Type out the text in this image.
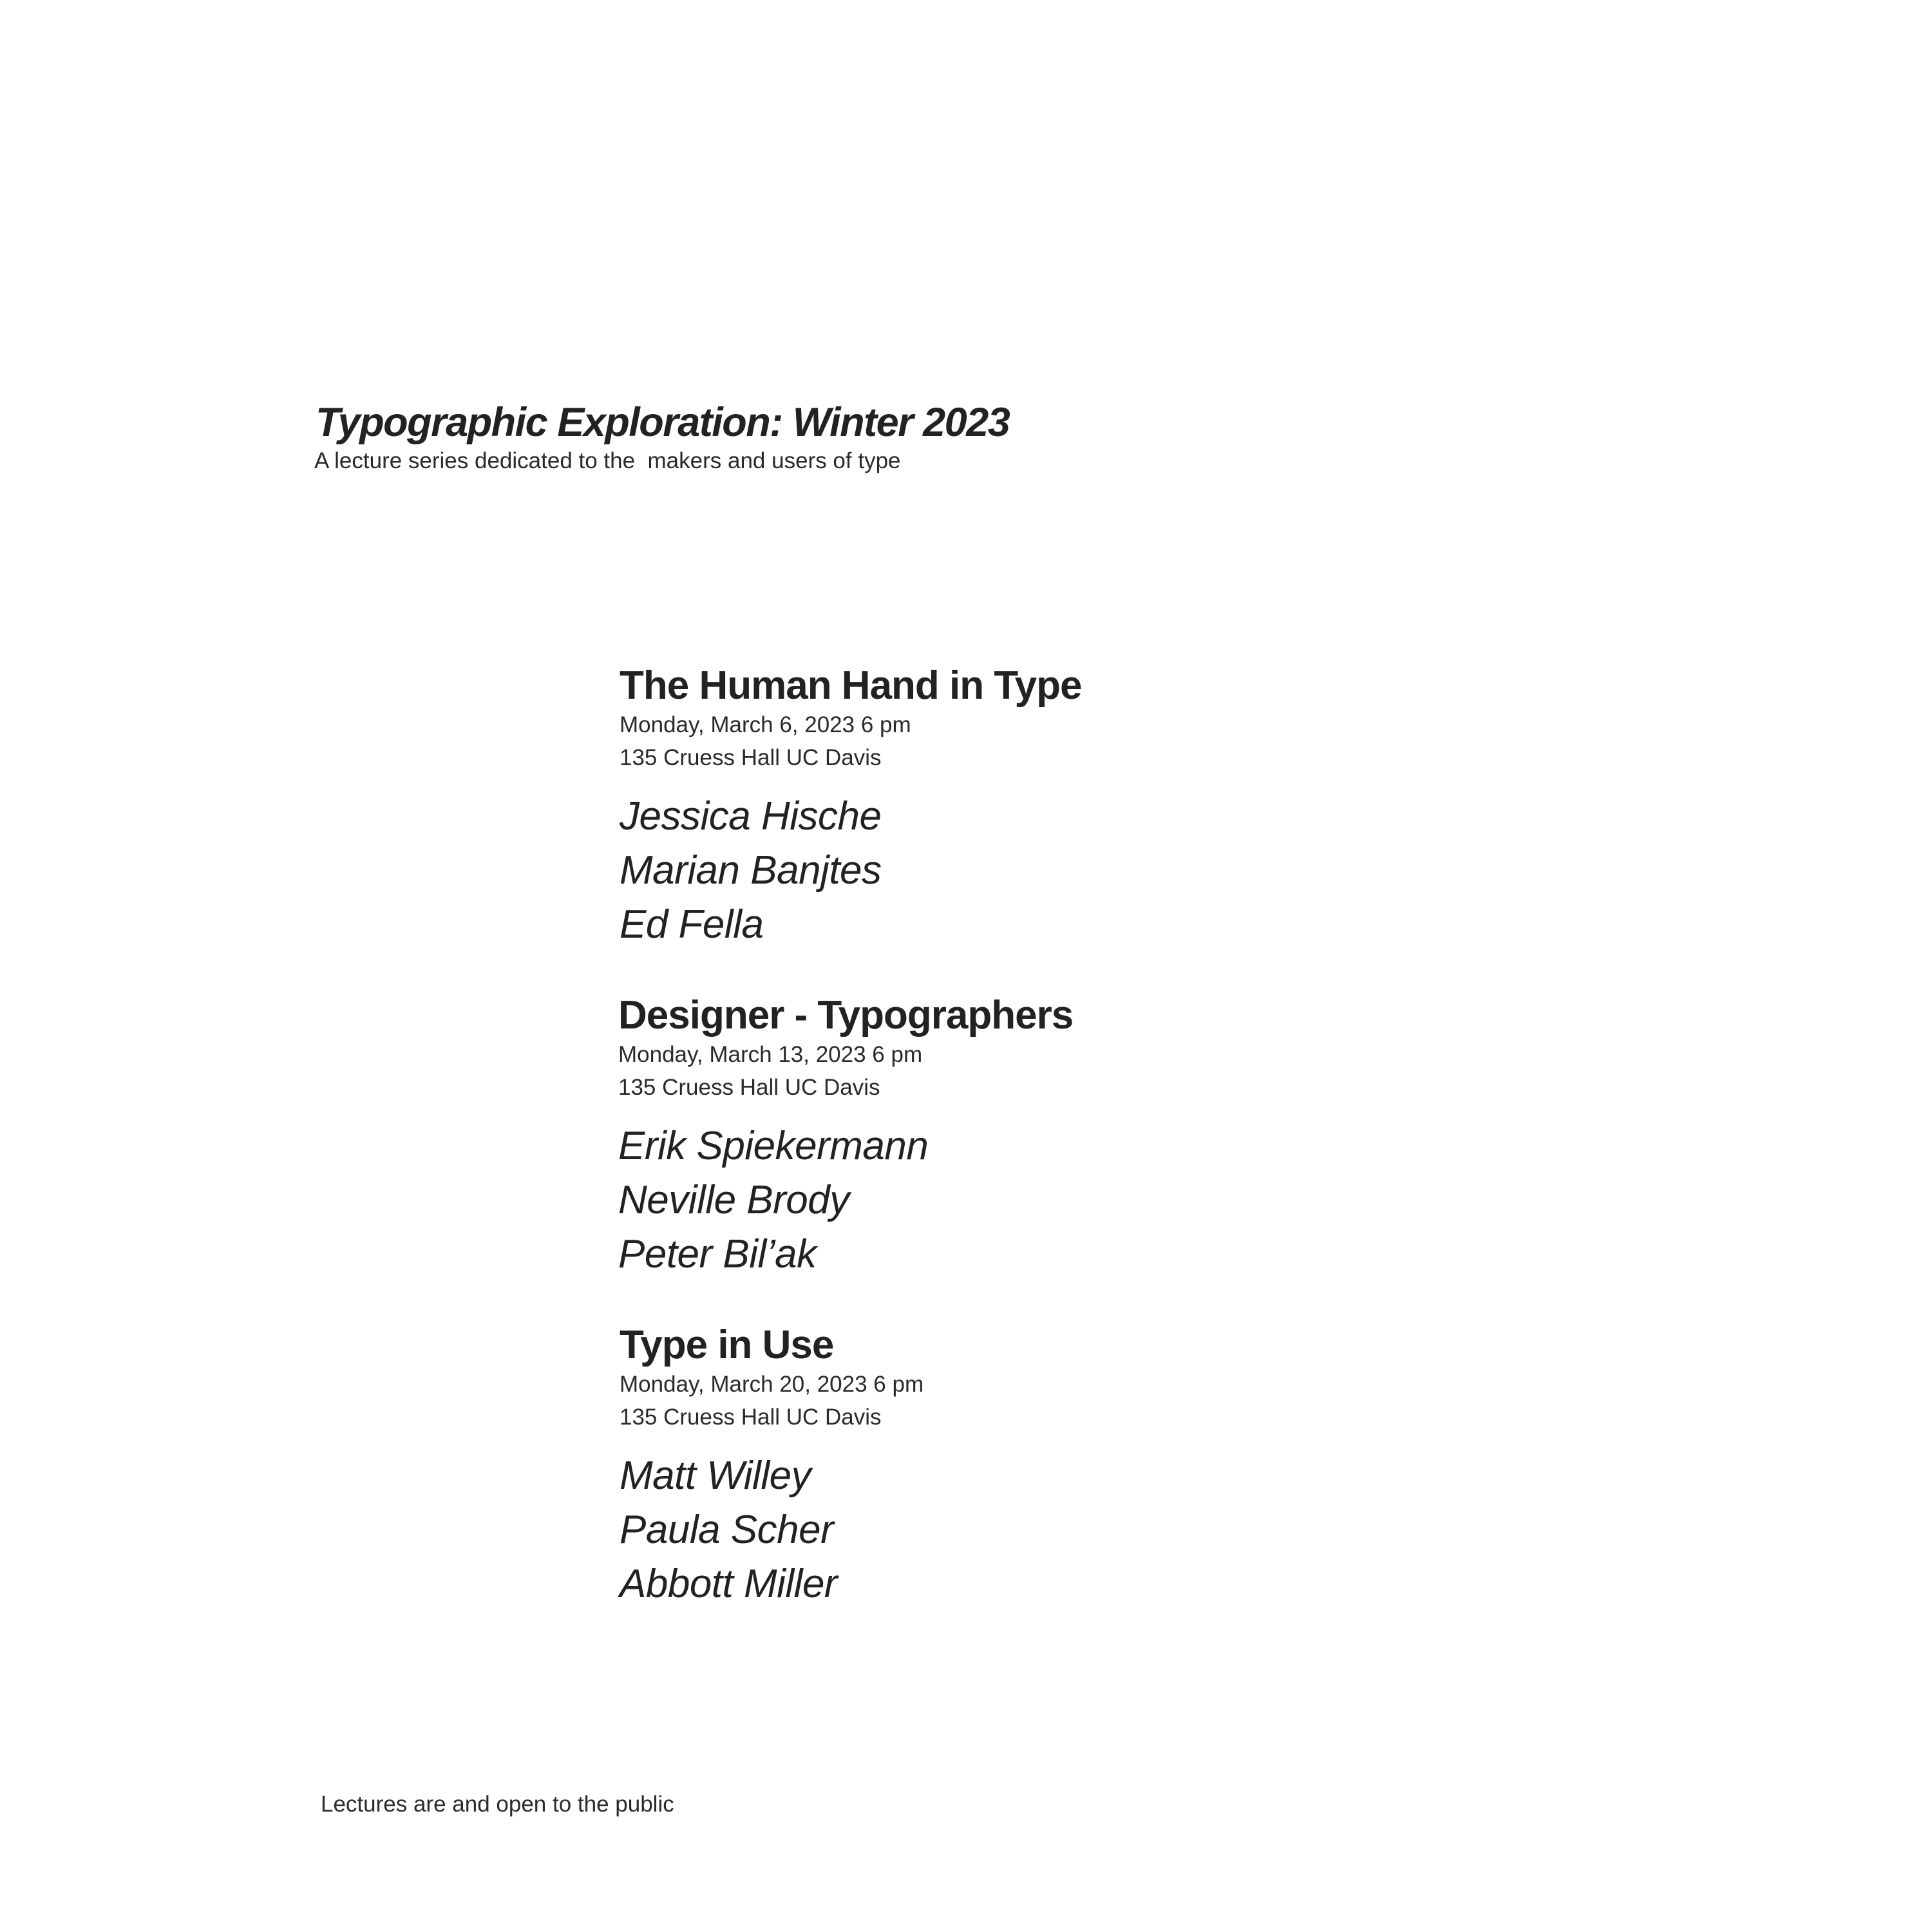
Typographic Exploration: Winter 2023

A lecture series dedicated to the  makers and users of type

The Human Hand in Type

Monday, March 6, 2023 6 pm

135 Cruess Hall UC Davis

Jessica Hische
Marian Banjtes
Ed Fella
Designer - Typographers

Monday, March 13, 2023 6 pm

135 Cruess Hall UC Davis

Erik Spiekermann
Neville Brody
Peter Bil’ak
Type in Use

Monday, March 20, 2023 6 pm

135 Cruess Hall UC Davis

Matt Willey
Paula Scher
Abbott Miller

Lectures are and open to the public
